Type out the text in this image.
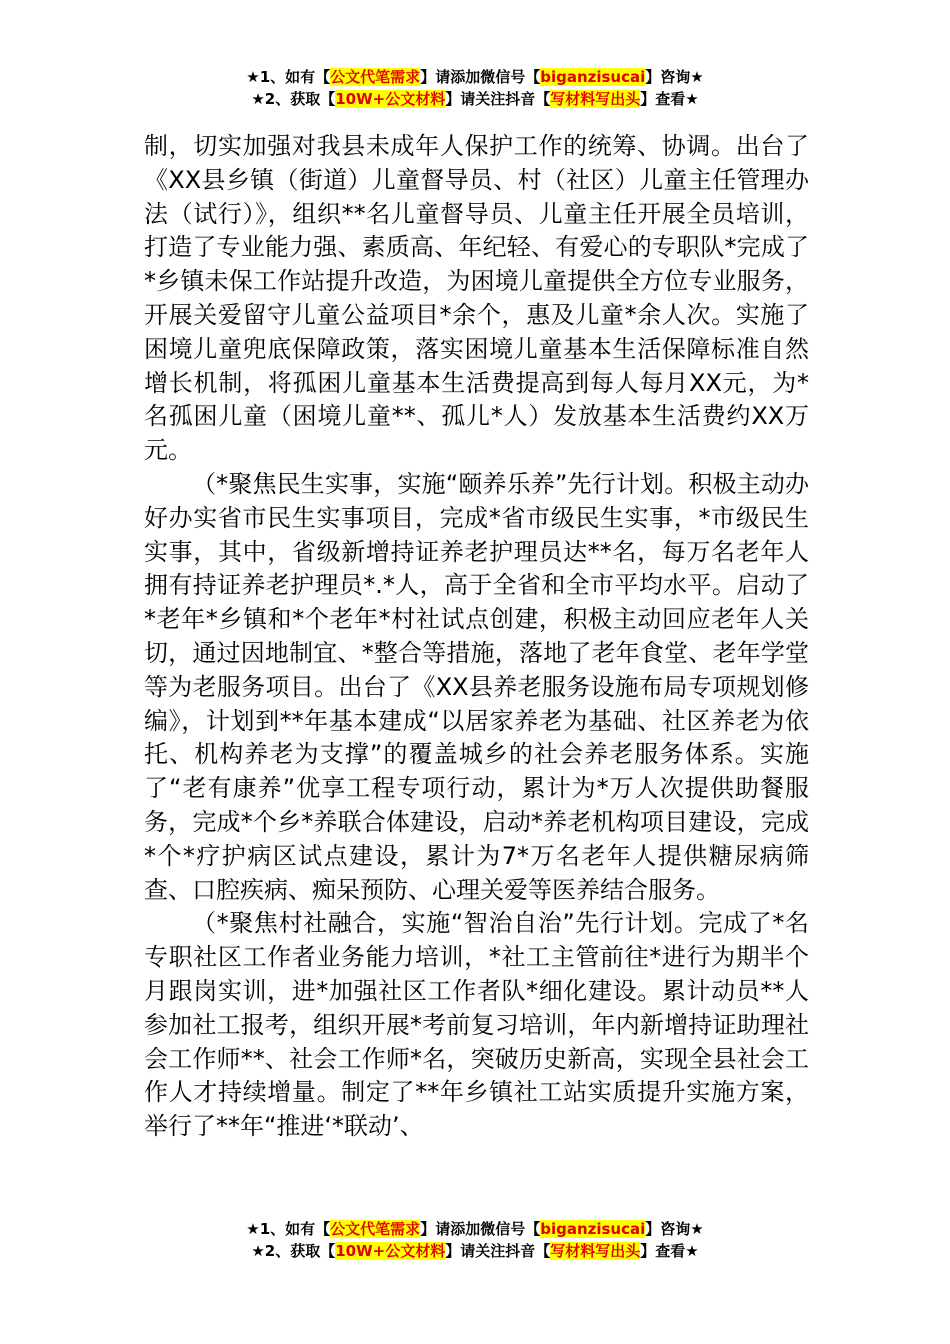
★1、如有【公文代笔需求】请添加微信号【biganzisucai】咨询★
★2、获取【10W+公文材料】请关注抖音【写材料写出头】查看★

制，切实加强对我县未成年人保护工作的统筹、协调。出台了《XX县乡镇（街道）儿童督导员、村（社区）儿童主任管理办法（试行）》，组织**名儿童督导员、儿童主任开展全员培训，打造了专业能力强、素质高、年纪轻、有爱心的专职队*完成了*乡镇未保工作站提升改造，为困境儿童提供全方位专业服务，开展关爱留守儿童公益项目*余个，惠及儿童*余人次。实施了困境儿童兜底保障政策，落实困境儿童基本生活保障标准自然增长机制，将孤困儿童基本生活费提高到每人每月XX元，为*名孤困儿童（困境儿童**、孤儿*人）发放基本生活费约XX万元。

（*聚焦民生实事，实施“颐养乐养”先行计划。积极主动办好办实省市民生实事项目，完成*省市级民生实事，*市级民生实事，其中，省级新增持证养老护理员达**名，每万名老年人拥有持证养老护理员*.*人，高于全省和全市平均水平。启动了*老年*乡镇和*个老年*村社试点创建，积极主动回应老年人关切，通过因地制宜、*整合等措施，落地了老年食堂、老年学堂等为老服务项目。出台了《XX县养老服务设施布局专项规划修编》，计划到**年基本建成“以居家养老为基础、社区养老为依托、机构养老为支撑”的覆盖城乡的社会养老服务体系。实施了“老有康养”优享工程专项行动，累计为*万人次提供助餐服务，完成*个乡*养联合体建设，启动*养老机构项目建设，完成*个*疗护病区试点建设，累计为7*万名老年人提供糖尿病筛查、口腔疾病、痴呆预防、心理关爱等医养结合服务。

（*聚焦村社融合，实施“智治自治”先行计划。完成了*名专职社区工作者业务能力培训，*社工主管前往*进行为期半个月跟岗实训，进*加强社区工作者队*细化建设。累计动员**人参加社工报考，组织开展*考前复习培训，年内新增持证助理社会工作师**、社会工作师*名，突破历史新高，实现全县社会工作人才持续增量。制定了**年乡镇社工站实质提升实施方案，举行了**年“推进‘*联动’、

★1、如有【公文代笔需求】请添加微信号【biganzisucai】咨询★
★2、获取【10W+公文材料】请关注抖音【写材料写出头】查看★
